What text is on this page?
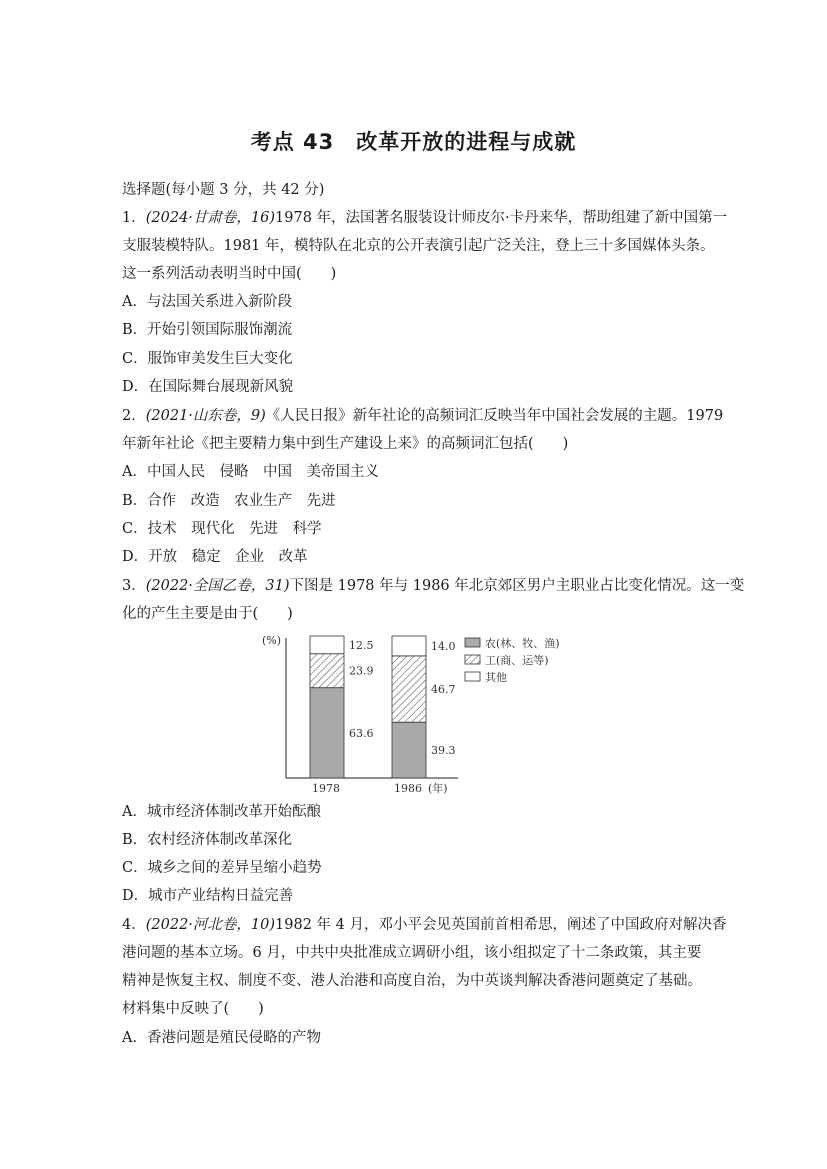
考点 43　改革开放的进程与成就
选择题(每小题 3 分，共 42 分)
1．(2024·甘肃卷，16)1978 年，法国著名服装设计师皮尔·卡丹来华，帮助组建了新中国第一
支服装模特队。1981 年，模特队在北京的公开表演引起广泛关注，登上三十多国媒体头条。
这一系列活动表明当时中国(　　)
A．与法国关系进入新阶段
B．开始引领国际服饰潮流
C．服饰审美发生巨大变化
D．在国际舞台展现新风貌
2．(2021·山东卷，9)《人民日报》新年社论的高频词汇反映当年中国社会发展的主题。1979
年新年社论《把主要精力集中到生产建设上来》的高频词汇包括(　　)
A．中国人民　侵略　中国　美帝国主义
B．合作　改造　农业生产　先进
C．技术　现代化　先进　科学
D．开放　稳定　企业　改革
3．(2022·全国乙卷，31)下图是 1978 年与 1986 年北京郊区男户主职业占比变化情况。这一变
化的产生主要是由于(　　)
(%)
63.6
23.9
12.5
1978
39.3
46.7
14.0
1986 (年)
农(林、牧、渔)
工(商、运等)
其他
A．城市经济体制改革开始酝酿
B．农村经济体制改革深化
C．城乡之间的差异呈缩小趋势
D．城市产业结构日益完善
4．(2022·河北卷，10)1982 年 4 月，邓小平会见英国前首相希思，阐述了中国政府对解决香
港问题的基本立场。6 月，中共中央批准成立调研小组，该小组拟定了十二条政策，其主要
精神是恢复主权、制度不变、港人治港和高度自治，为中英谈判解决香港问题奠定了基础。
材料集中反映了(　　)
A．香港问题是殖民侵略的产物
